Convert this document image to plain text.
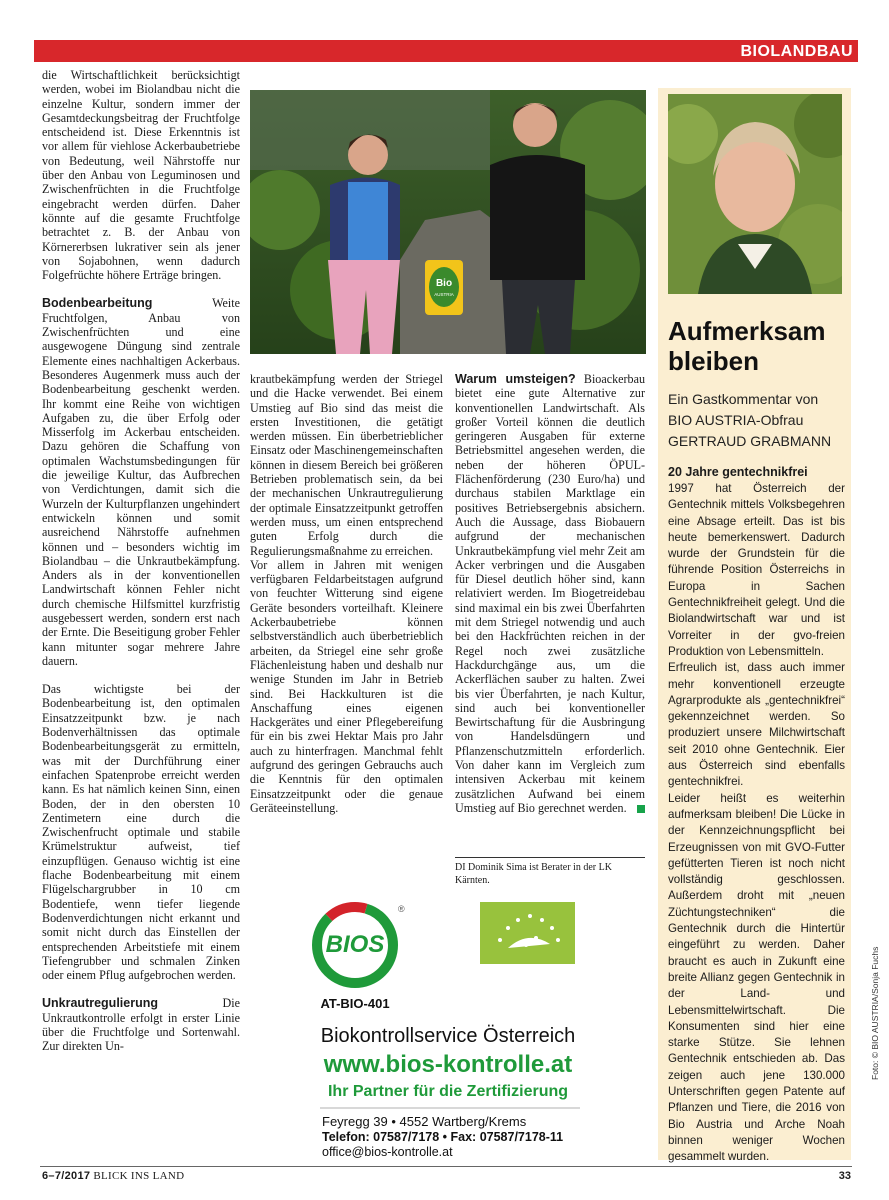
BIOLANDBAU

die Wirtschaftlichkeit berücksichtigt werden, wobei im Biolandbau nicht die einzelne Kultur, sondern immer der Gesamtdeckungsbeitrag der Fruchtfolge entscheidend ist. Diese Erkenntnis ist vor allem für viehlose Ackerbaubetriebe von Bedeutung, weil Nährstoffe nur über den Anbau von Leguminosen und Zwischenfrüchten in die Fruchtfolge eingebracht werden dürfen. Daher könnte auf die gesamte Fruchtfolge betrachtet z. B. der Anbau von Körnererbsen lukrativer sein als jener von Sojabohnen, wenn dadurch Folgefrüchte höhere Erträge bringen.

Bodenbearbeitung	Weite Fruchtfolgen, Anbau von Zwischenfrüchten und eine ausgewogene Düngung sind zentrale Elemente eines nachhaltigen Ackerbaus. Besonderes Augenmerk muss auch der Bodenbearbeitung geschenkt werden. Ihr kommt eine Reihe von wichtigen Aufgaben zu, die über Erfolg oder Misserfolg im Ackerbau entscheiden. Dazu gehören die Schaffung von optimalen Wachstumsbedingungen für die jeweilige Kultur, das Aufbrechen von Verdichtungen, damit sich die Wurzeln der Kulturpflanzen ungehindert entwickeln können und somit ausreichend Nährstoffe aufnehmen können und – besonders wichtig im Biolandbau – die Unkrautbekämpfung. Anders als in der konventionellen Landwirtschaft können Fehler nicht durch chemische Hilfsmittel kurzfristig ausgebessert werden, sondern erst nach der Ernte. Die Beseitigung grober Fehler kann mitunter sogar mehrere Jahre dauern.

Das wichtigste bei der Bodenbearbeitung ist, den optimalen Einsatzzeitpunkt bzw. je nach Bodenverhältnissen das optimale Bodenbearbeitungsgerät zu ermitteln, was mit der Durchführung einer einfachen Spatenprobe erreicht werden kann. Es hat nämlich keinen Sinn, einen Boden, der in den obersten 10 Zentimetern eine durch die Zwischenfrucht optimale und stabile Krümelstruktur aufweist, tief einzupflügen. Genauso wichtig ist eine flache Bodenbearbeitung mit einem Flügelschargrubber in 10 cm Bodentiefe, wenn tiefer liegende Bodenverdichtungen nicht erkannt und somit nicht durch das Einstellen der entsprechenden Arbeitstiefe mit einem Tiefengrubber und schmalen Zinken oder einem Pflug aufgebrochen werden.

Unkrautregulierung	Die Unkrautkontrolle erfolgt in erster Linie über die Fruchtfolge und Sortenwahl. Zur direkten Un-

Bio
AUSTRIA

krautbekämpfung werden der Striegel und die Hacke verwendet. Bei einem Umstieg auf Bio sind das meist die ersten Investitionen, die getätigt werden müssen. Ein überbetrieblicher Einsatz oder Maschinengemeinschaften können in diesem Bereich bei größeren Betrieben problematisch sein, da bei der mechanischen Unkrautregulierung der optimale Einsatzzeitpunkt getroffen werden muss, um einen entsprechend guten Erfolg durch die Regulierungsmaßnahme zu erreichen.

Vor allem in Jahren mit wenigen verfügbaren Feldarbeitstagen aufgrund von feuchter Witterung sind eigene Geräte besonders vorteilhaft. Kleinere Ackerbaubetriebe können selbstverständlich auch überbetrieblich arbeiten, da Striegel eine sehr große Flächenleistung haben und deshalb nur wenige Stunden im Jahr in Betrieb sind. Bei Hackkulturen ist die Anschaffung eines eigenen Hackgerätes und einer Pflegebereifung für ein bis zwei Hektar Mais pro Jahr auch zu hinterfragen. Manchmal fehlt aufgrund des geringen Gebrauchs auch die Kenntnis für den optimalen Einsatzzeitpunkt oder die genaue Geräteeinstellung.

Warum umsteigen? Bioackerbau bietet eine gute Alternative zur konventionellen Landwirtschaft. Als großer Vorteil können die deutlich geringeren Ausgaben für externe Betriebsmittel angesehen werden, die neben der höheren ÖPUL-Flächenförderung (230 Euro/ha) und durchaus stabilen Marktlage ein positives Betriebsergebnis absichern. Auch die Aussage, dass Biobauern aufgrund der mechanischen Unkrautbekämpfung viel mehr Zeit am Acker verbringen und die Ausgaben für Diesel deutlich höher sind, kann relativiert werden. Im Biogetreidebau sind maximal ein bis zwei Überfahrten mit dem Striegel notwendig und auch bei den Hackfrüchten reichen in der Regel noch zwei zusätzliche Hackdurchgänge aus, um die Ackerflächen sauber zu halten. Zwei bis vier Überfahrten, je nach Kultur, sind auch bei konventioneller Bewirtschaftung für die Ausbringung von Handelsdüngern und Pflanzenschutzmitteln erforderlich. Von daher kann im Vergleich zum intensiven Ackerbau mit keinem zusätzlichen Aufwand bei einem Umstieg auf Bio gerechnet werden.

DI Dominik Sima ist Berater in der LK Kärnten.
BIOS
®
AT-BIO-401
Biokontrollservice Österreich
www.bios-kontrolle.at
Ihr Partner für die Zertifizierung
Feyregg 39 • 4552 Wartberg/Krems
Telefon: 07587/7178 • Fax: 07587/7178-11
office@bios-kontrolle.at
Aufmerksam bleiben
Ein Gastkommentar von
BIO AUSTRIA-Obfrau
GERTRAUD GRABMANN
20 Jahre gentechnikfrei

1997 hat Österreich der Gentechnik mittels Volksbegehren eine Absage erteilt. Das ist bis heute bemerkenswert. Dadurch wurde der Grundstein für die führende Position Österreichs in Europa in Sachen Gentechnikfreiheit gelegt. Und die Biolandwirtschaft war und ist Vorreiter in der gvo-freien Produktion von Lebensmitteln.

Erfreulich ist, dass auch immer mehr konventionell erzeugte Agrarprodukte als „gentechnikfrei“ gekennzeichnet werden. So produziert unsere Milchwirtschaft seit 2010 ohne Gentechnik. Eier aus Österreich sind ebenfalls gentechnikfrei.

Leider heißt es weiterhin aufmerksam bleiben! Die Lücke in der Kennzeichnungspflicht bei Erzeugnissen von mit GVO-Futter gefütterten Tieren ist noch nicht vollständig geschlossen. Außerdem droht mit „neuen Züchtungstechniken“ die Gentechnik durch die Hintertür eingeführt zu werden. Daher braucht es auch in Zukunft eine breite Allianz gegen Gentechnik in der Land- und Lebensmittelwirtschaft. Die Konsumenten sind hier eine starke Stütze. Sie lehnen Gentechnik entschieden ab. Das zeigen auch jene 130.000 Unterschriften gegen Patente auf Pflanzen und Tiere, die 2016 von Bio Austria und Arche Noah binnen weniger Wochen gesammelt wurden.

Foto: © BIO AUSTRIA/Sonja Fuchs
6–7/2017 BLICK INS LAND	33
